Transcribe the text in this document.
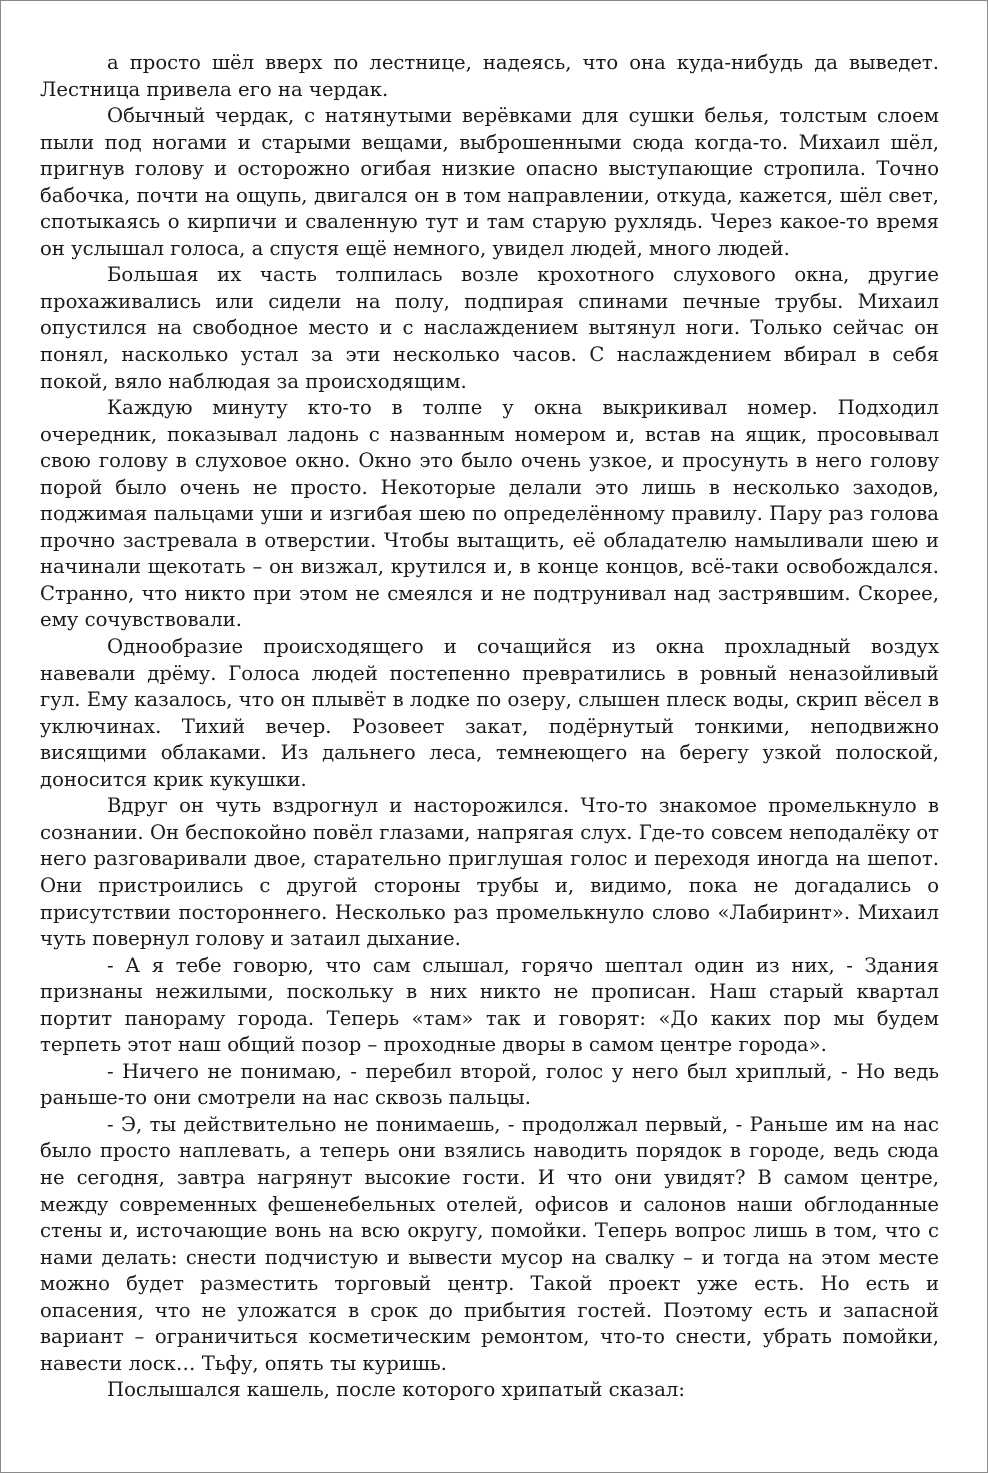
а просто шёл вверх по лестнице, надеясь, что она куда-нибудь да выведет. Лестница привела его на чердак.

Обычный чердак, с натянутыми верёвками для сушки белья, толстым слоем пыли под ногами и старыми вещами, выброшенными сюда когда-то. Михаил шёл, пригнув голову и осторожно огибая низкие опасно выступающие стропила. Точно бабочка, почти на ощупь, двигался он в том направлении, откуда, кажется, шёл свет, спотыкаясь о кирпичи и сваленную тут и там старую рухлядь. Через какое-то время он услышал голоса, а спустя ещё немного, увидел людей, много людей.

Большая их часть толпилась возле крохотного слухового окна, другие прохаживались или сидели на полу, подпирая спинами печные трубы. Михаил опустился на свободное место и с наслаждением вытянул ноги. Только сейчас он понял, насколько устал за эти несколько часов. С наслаждением вбирал в себя покой, вяло наблюдая за происходящим.

Каждую минуту кто-то в толпе у окна выкрикивал номер. Подходил очередник, показывал ладонь с названным номером и, встав на ящик, просовывал свою голову в слуховое окно. Окно это было очень узкое, и просунуть в него голову порой было очень не просто. Некоторые делали это лишь в несколько заходов, поджимая пальцами уши и изгибая шею по определённому правилу. Пару раз голова прочно застревала в отверстии. Чтобы вытащить, её обладателю намыливали шею и начинали щекотать – он визжал, крутился и, в конце концов, всё-таки освобождался. Странно, что никто при этом не смеялся и не подтрунивал над застрявшим. Скорее, ему сочувствовали.

Однообразие происходящего и сочащийся из окна прохладный воздух навевали дрёму. Голоса людей постепенно превратились в ровный неназойливый гул. Ему казалось, что он плывёт в лодке по озеру, слышен плеск воды, скрип вёсел в уключинах. Тихий вечер. Розовеет закат, подёрнутый тонкими, неподвижно висящими облаками. Из дальнего леса, темнеющего на берегу узкой полоской, доносится крик кукушки.

Вдруг он чуть вздрогнул и насторожился. Что-то знакомое промелькнуло в сознании. Он беспокойно повёл глазами, напрягая слух. Где-то совсем неподалёку от него разговаривали двое, старательно приглушая голос и переходя иногда на шепот. Они пристроились с другой стороны трубы и, видимо, пока не догадались о присутствии постороннего. Несколько раз промелькнуло слово «Лабиринт». Михаил чуть повернул голову и затаил дыхание.

- А я тебе говорю, что сам слышал, горячо шептал один из них, - Здания признаны нежилыми, поскольку в них никто не прописан. Наш старый квартал портит панораму города. Теперь «там» так и говорят: «До каких пор мы будем терпеть этот наш общий позор – проходные дворы в самом центре города».

- Ничего не понимаю, - перебил второй, голос у него был хриплый, - Но ведь раньше-то они смотрели на нас сквозь пальцы.

- Э, ты действительно не понимаешь, - продолжал первый, - Раньше им на нас было просто наплевать, а теперь они взялись наводить порядок в городе, ведь сюда не сегодня, завтра нагрянут высокие гости. И что они увидят? В самом центре, между современных фешенебельных отелей, офисов и салонов наши обглоданные стены и, источающие вонь на всю округу, помойки. Теперь вопрос лишь в том, что с нами делать: снести подчистую и вывести мусор на свалку – и тогда на этом месте можно будет разместить торговый центр. Такой проект уже есть. Но есть и опасения, что не уложатся в срок до прибытия гостей. Поэтому есть и запасной вариант – ограничиться косметическим ремонтом, что-то снести, убрать помойки, навести лоск… Тьфу, опять ты куришь.

Послышался кашель, после которого хрипатый сказал:
